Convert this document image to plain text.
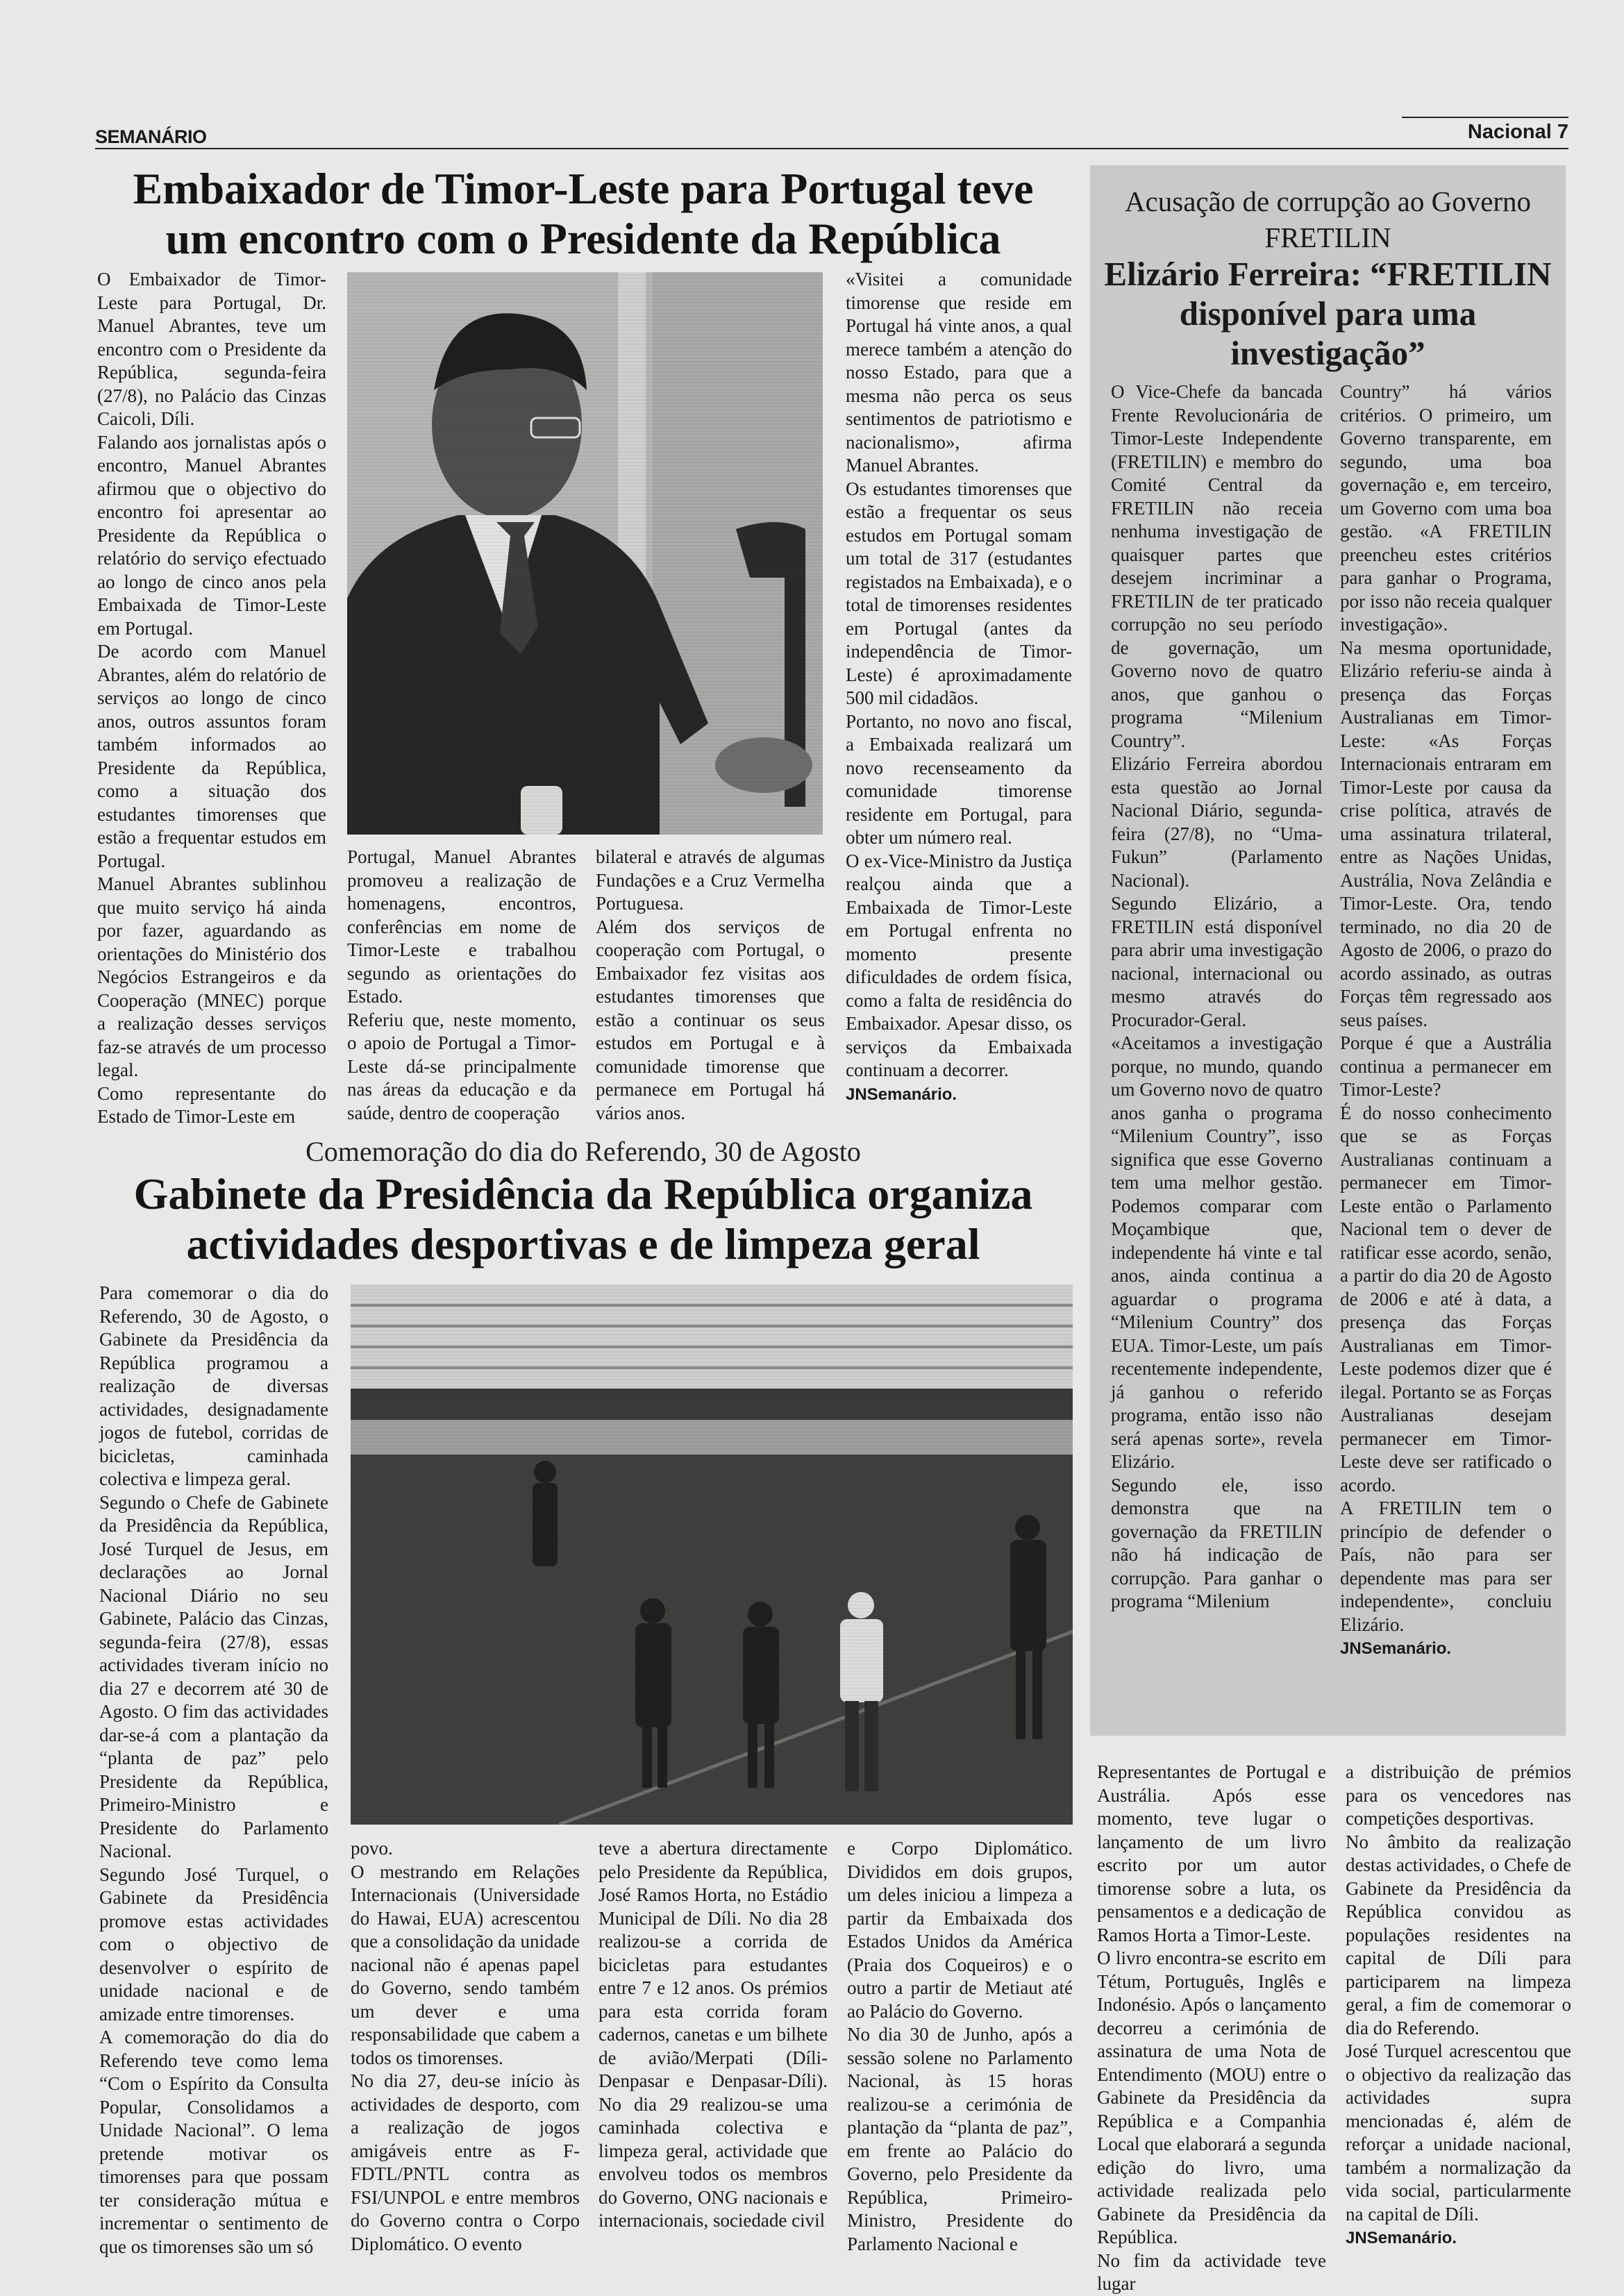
SEMANÁRIO	Nacional 7
Embaixador de Timor-Leste para Portugal teve
um encontro com o Presidente da República

O Embaixador de Timor-Leste para Portugal, Dr. Manuel Abrantes, teve um encontro com o Presidente da República, segunda-feira (27/8), no Palácio das Cinzas Caicoli, Díli.

Falando aos jornalistas após o encontro, Manuel Abrantes afirmou que o objectivo do encontro foi apresentar ao Presidente da República o relatório do serviço efectuado ao longo de cinco anos pela Embaixada de Timor-Leste em Portugal.

De acordo com Manuel Abrantes, além do relatório de serviços ao longo de cinco anos, outros assuntos foram também informados ao Presidente da República, como a situação dos estudantes timorenses que estão a frequentar estudos em Portugal.

Manuel Abrantes sublinhou que muito serviço há ainda por fazer, aguardando as orientações do Ministério dos Negócios Estrangeiros e da Cooperação (MNEC) porque a realização desses serviços faz-se através de um processo legal.

Como representante do Estado de Timor-Leste em

Portugal, Manuel Abrantes promoveu a realização de homenagens, encontros, conferências em nome de Timor-Leste e trabalhou segundo as orientações do Estado.

Referiu que, neste momento, o apoio de Portugal a Timor-Leste dá-se principalmente nas áreas da educação e da saúde, dentro de cooperação

bilateral e através de algumas Fundações e a Cruz Vermelha Portuguesa.

Além dos serviços de cooperação com Portugal, o Embaixador fez visitas aos estudantes timorenses que estão a continuar os seus estudos em Portugal e à comunidade timorense que permanece em Portugal há vários anos.

«Visitei a comunidade timorense que reside em Portugal há vinte anos, a qual merece também a atenção do nosso Estado, para que a mesma não perca os seus sentimentos de patriotismo e nacionalismo», afirma Manuel Abrantes.

Os estudantes timorenses que estão a frequentar os seus estudos em Portugal somam um total de 317 (estudantes registados na Embaixada), e o total de timorenses residentes em Portugal (antes da independência de Timor-Leste) é aproximadamente 500 mil cidadãos.

Portanto, no novo ano fiscal, a Embaixada realizará um novo recenseamento da comunidade timorense residente em Portugal, para obter um número real.

O ex-Vice-Ministro da Justiça realçou ainda que a Embaixada de Timor-Leste em Portugal enfrenta no momento presente dificuldades de ordem física, como a falta de residência do Embaixador. Apesar disso, os serviços da Embaixada continuam a decorrer.

JNSemanário.

Acusação de corrupção ao Governo
FRETILIN
Elizário Ferreira: “FRETILIN
disponível para uma
investigação”

O Vice-Chefe da bancada Frente Revolucionária de Timor-Leste Independente (FRETILIN) e membro do Comité Central da FRETILIN não receia nenhuma investigação de quaisquer partes que desejem incriminar a FRETILIN de ter praticado corrupção no seu período de governação, um Governo novo de quatro anos, que ganhou o programa “Milenium Country”.

Elizário Ferreira abordou esta questão ao Jornal Nacional Diário, segunda-feira (27/8), no “Uma-Fukun” (Parlamento Nacional).

Segundo Elizário, a FRETILIN está disponível para abrir uma investigação nacional, internacional ou mesmo através do Procurador-Geral.

«Aceitamos a investigação porque, no mundo, quando um Governo novo de quatro anos ganha o programa “Milenium Country”, isso significa que esse Governo tem uma melhor gestão. Podemos comparar com Moçambique que, independente há vinte e tal anos, ainda continua a aguardar o programa “Milenium Country” dos EUA. Timor-Leste, um país recentemente independente, já ganhou o referido programa, então isso não será apenas sorte», revela Elizário.

Segundo ele, isso demonstra que na governação da FRETILIN não há indicação de corrupção. Para ganhar o programa “Milenium

Country” há vários critérios. O primeiro, um Governo transparente, em segundo, uma boa governação e, em terceiro, um Governo com uma boa gestão. «A FRETILIN preencheu estes critérios para ganhar o Programa, por isso não receia qualquer investigação».

Na mesma oportunidade, Elizário referiu-se ainda à presença das Forças Australianas em Timor-Leste: «As Forças Internacionais entraram em Timor-Leste por causa da crise política, através de uma assinatura trilateral, entre as Nações Unidas, Austrália, Nova Zelândia e Timor-Leste. Ora, tendo terminado, no dia 20 de Agosto de 2006, o prazo do acordo assinado, as outras Forças têm regressado aos seus países.

Porque é que a Austrália continua a permanecer em Timor-Leste?

É do nosso conhecimento que se as Forças Australianas continuam a permanecer em Timor-Leste então o Parlamento Nacional tem o dever de ratificar esse acordo, senão, a partir do dia 20 de Agosto de 2006 e até à data, a presença das Forças Australianas em Timor-Leste podemos dizer que é ilegal. Portanto se as Forças Australianas desejam permanecer em Timor-Leste deve ser ratificado o acordo.

A FRETILIN tem o princípio de defender o País, não para ser dependente mas para ser independente», concluiu Elizário.

JNSemanário.

Comemoração do dia do Referendo, 30 de Agosto
Gabinete da Presidência da República organiza
actividades desportivas e de limpeza geral

Para comemorar o dia do Referendo, 30 de Agosto, o Gabinete da Presidência da República programou a realização de diversas actividades, designadamente jogos de futebol, corridas de bicicletas, caminhada colectiva e limpeza geral.

Segundo o Chefe de Gabinete da Presidência da República, José Turquel de Jesus, em declarações ao Jornal Nacional Diário no seu Gabinete, Palácio das Cinzas, segunda-feira (27/8), essas actividades tiveram início no dia 27 e decorrem até 30 de Agosto. O fim das actividades dar-se-á com a plantação da “planta de paz” pelo Presidente da República, Primeiro-Ministro e Presidente do Parlamento Nacional.

Segundo José Turquel, o Gabinete da Presidência promove estas actividades com o objectivo de desenvolver o espírito de unidade nacional e de amizade entre timorenses.

A comemoração do dia do Referendo teve como lema “Com o Espírito da Consulta Popular, Consolidamos a Unidade Nacional”. O lema pretende motivar os timorenses para que possam ter consideração mútua e incrementar o sentimento de que os timorenses são um só

povo.

O mestrando em Relações Internacionais (Universidade do Hawai, EUA) acrescentou que a consolidação da unidade nacional não é apenas papel do Governo, sendo também um dever e uma responsabilidade que cabem a todos os timorenses.

No dia 27, deu-se início às actividades de desporto, com a realização de jogos amigáveis entre as F-FDTL/PNTL contra as FSI/UNPOL e entre membros do Governo contra o Corpo Diplomático. O evento

teve a abertura directamente pelo Presidente da República, José Ramos Horta, no Estádio Municipal de Díli. No dia 28 realizou-se a corrida de bicicletas para estudantes entre 7 e 12 anos. Os prémios para esta corrida foram cadernos, canetas e um bilhete de avião/Merpati (Díli-Denpasar e Denpasar-Díli). No dia 29 realizou-se uma caminhada colectiva e limpeza geral, actividade que envolveu todos os membros do Governo, ONG nacionais e internacionais, sociedade civil

e Corpo Diplomático. Divididos em dois grupos, um deles iniciou a limpeza a partir da Embaixada dos Estados Unidos da América (Praia dos Coqueiros) e o outro a partir de Metiaut até ao Palácio do Governo.

No dia 30 de Junho, após a sessão solene no Parlamento Nacional, às 15 horas realizou-se a cerimónia de plantação da “planta de paz”, em frente ao Palácio do Governo, pelo Presidente da República, Primeiro-Ministro, Presidente do Parlamento Nacional e

Representantes de Portugal e Austrália. Após esse momento, teve lugar o lançamento de um livro escrito por um autor timorense sobre a luta, os pensamentos e a dedicação de Ramos Horta a Timor-Leste.

O livro encontra-se escrito em Tétum, Português, Inglês e Indonésio. Após o lançamento decorreu a cerimónia de assinatura de uma Nota de Entendimento (MOU) entre o Gabinete da Presidência da República e a Companhia Local que elaborará a segunda edição do livro, uma actividade realizada pelo Gabinete da Presidência da República.

No fim da actividade teve lugar

a distribuição de prémios para os vencedores nas competições desportivas.

No âmbito da realização destas actividades, o Chefe de Gabinete da Presidência da República convidou as populações residentes na capital de Díli para participarem na limpeza geral, a fim de comemorar o dia do Referendo.

José Turquel acrescentou que o objectivo da realização das actividades supra mencionadas é, além de reforçar a unidade nacional, também a normalização da vida social, particularmente na capital de Díli.

JNSemanário.
